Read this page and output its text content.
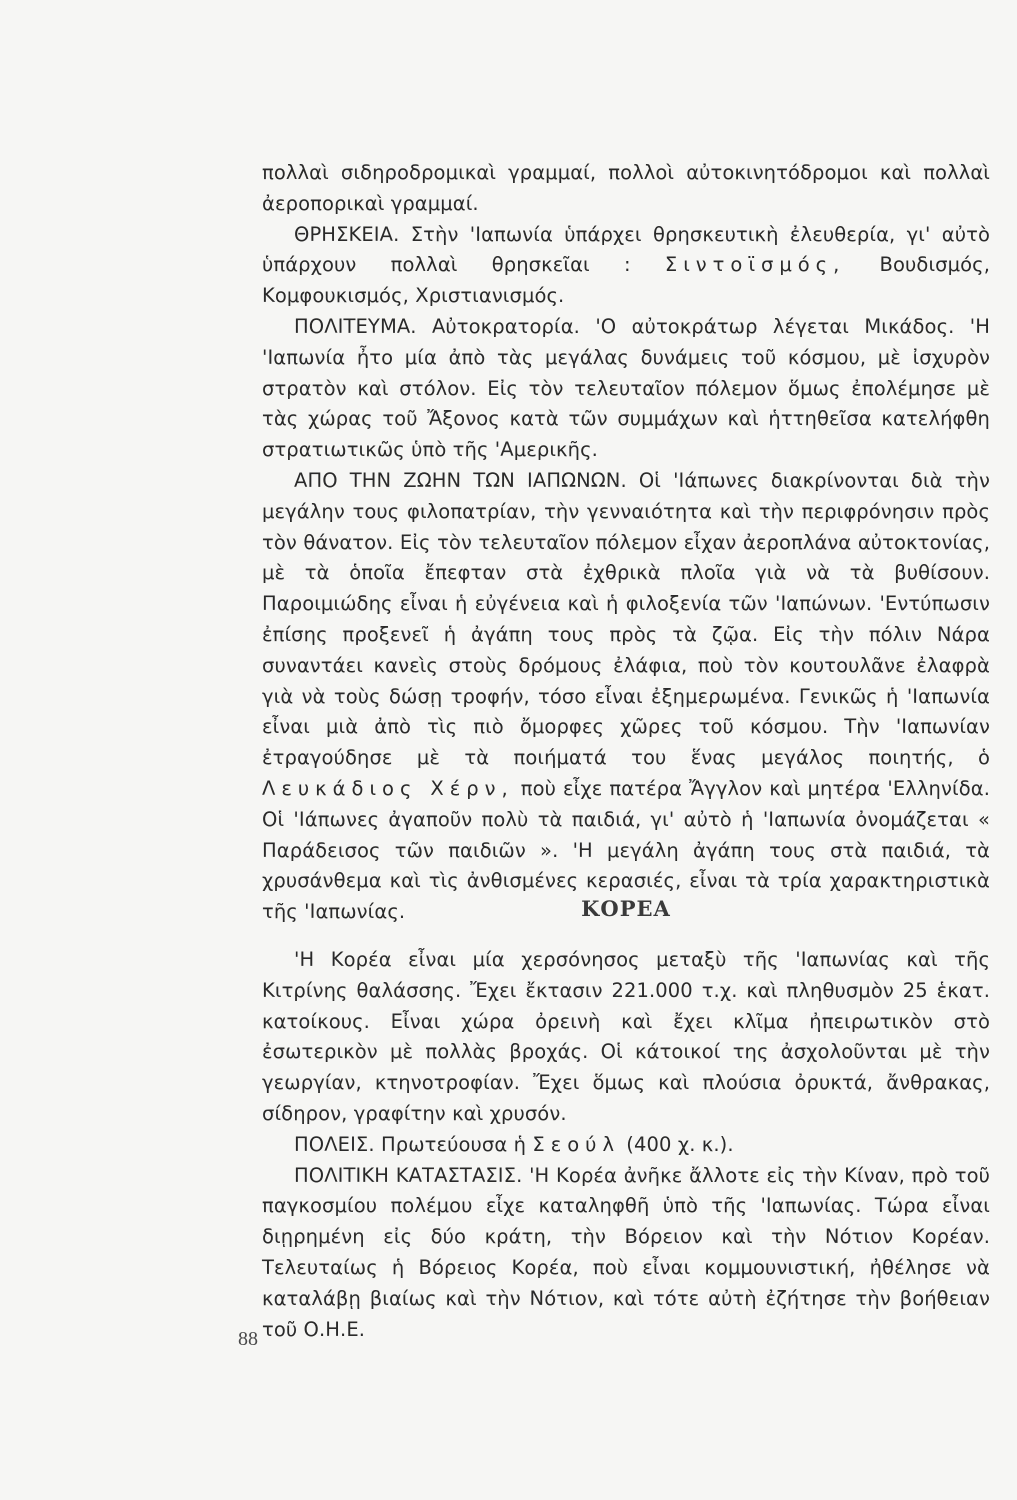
πολλαὶ σιδηροδρομικαὶ γραμμαί, πολλοὶ αὐτοκινητόδρομοι καὶ πολλαὶ ἀεροπορικαὶ γραμμαί.

ΘΡΗΣΚΕΙΑ. Στὴν 'Ιαπωνία ὑπάρχει θρησκευτικὴ ἐλευθερία, γι' αὐτὸ ὑπάρχουν πολλαὶ θρησκεῖαι : Σιντοϊσμός, Βουδισμός, Κομφουκισμός, Χριστιανισμός.

ΠΟΛΙΤΕΥΜΑ. Αὐτοκρατορία. 'Ο αὐτοκράτωρ λέγεται Μικάδος. 'Η 'Ιαπωνία ἦτο μία ἀπὸ τὰς μεγάλας δυνάμεις τοῦ κόσμου, μὲ ἰσχυρὸν στρατὸν καὶ στόλον. Εἰς τὸν τελευταῖον πόλεμον ὅμως ἐπολέμησε μὲ τὰς χώρας τοῦ Ἄξονος κατὰ τῶν συμμάχων καὶ ἡττηθεῖσα κατελήφθη στρατιωτικῶς ὑπὸ τῆς 'Αμερικῆς.

ΑΠΟ ΤΗΝ ΖΩΗΝ ΤΩΝ ΙΑΠΩΝΩΝ. Οἱ 'Ιάπωνες διακρίνονται διὰ τὴν μεγάλην τους φιλοπατρίαν, τὴν γενναιότητα καὶ τὴν περιφρόνησιν πρὸς τὸν θάνατον. Εἰς τὸν τελευταῖον πόλεμον εἶχαν ἀεροπλάνα αὐτοκτονίας, μὲ τὰ ὁποῖα ἔπεφταν στὰ ἐχθρικὰ πλοῖα γιὰ νὰ τὰ βυθίσουν. Παροιμιώδης εἶναι ἡ εὐγένεια καὶ ἡ φιλοξενία τῶν 'Ιαπώνων. 'Εντύπωσιν ἐπίσης προξενεῖ ἡ ἀγάπη τους πρὸς τὰ ζῷα. Εἰς τὴν πόλιν Νάρα συναντάει κανεὶς στοὺς δρόμους ἐλάφια, ποὺ τὸν κουτουλᾶνε ἐλαφρὰ γιὰ νὰ τοὺς δώσῃ τροφήν, τόσο εἶναι ἐξημερωμένα. Γενικῶς ἡ 'Ιαπωνία εἶναι μιὰ ἀπὸ τὶς πιὸ ὄμορφες χῶρες τοῦ κόσμου. Τὴν 'Ιαπωνίαν ἐτραγούδησε μὲ τὰ ποιήματά του ἕνας μεγάλος ποιητής, ὁ Λευκάδιος Χέρν, ποὺ εἶχε πατέρα Ἄγγλον καὶ μητέρα 'Ελληνίδα. Οἱ 'Ιάπωνες ἀγαποῦν πολὺ τὰ παιδιά, γι' αὐτὸ ἡ 'Ιαπωνία ὀνομάζεται « Παράδεισος τῶν παιδιῶν ». 'Η μεγάλη ἀγάπη τους στὰ παιδιά, τὰ χρυσάνθεμα καὶ τὶς ἀνθισμένες κερασιές, εἶναι τὰ τρία χαρακτηριστικὰ τῆς 'Ιαπωνίας.	ΚΟΡΕΑ

'Η Κορέα εἶναι μία χερσόνησος μεταξὺ τῆς 'Ιαπωνίας καὶ τῆς Κιτρίνης θαλάσσης. Ἔχει ἔκτασιν 221.000 τ.χ. καὶ πληθυσμὸν 25 ἑκατ. κατοίκους. Εἶναι χώρα ὀρεινὴ καὶ ἔχει κλῖμα ἠπειρωτικὸν στὸ ἐσωτερικὸν μὲ πολλὰς βροχάς. Οἱ κάτοικοί της ἀσχολοῦνται μὲ τὴν γεωργίαν, κτηνοτροφίαν. Ἔχει ὅμως καὶ πλούσια ὀρυκτά, ἄνθρακας, σίδηρον, γραφίτην καὶ χρυσόν.

ΠΟΛΕΙΣ. Πρωτεύουσα ἡ Σεούλ (400 χ. κ.).

ΠΟΛΙΤΙΚΗ ΚΑΤΑΣΤΑΣΙΣ. 'Η Κορέα ἀνῆκε ἄλλοτε εἰς τὴν Κίναν, πρὸ τοῦ παγκοσμίου πολέμου εἶχε καταληφθῆ ὑπὸ τῆς 'Ιαπωνίας. Τώρα εἶναι διῃρημένη εἰς δύο κράτη, τὴν Βόρειον καὶ τὴν Νότιον Κορέαν. Τελευταίως ἡ Βόρειος Κορέα, ποὺ εἶναι κομμουνιστική, ἠθέλησε νὰ καταλάβῃ βιαίως καὶ τὴν Νότιον, καὶ τότε αὐτὴ ἐζήτησε τὴν βοήθειαν τοῦ Ο.Η.Ε.

88
